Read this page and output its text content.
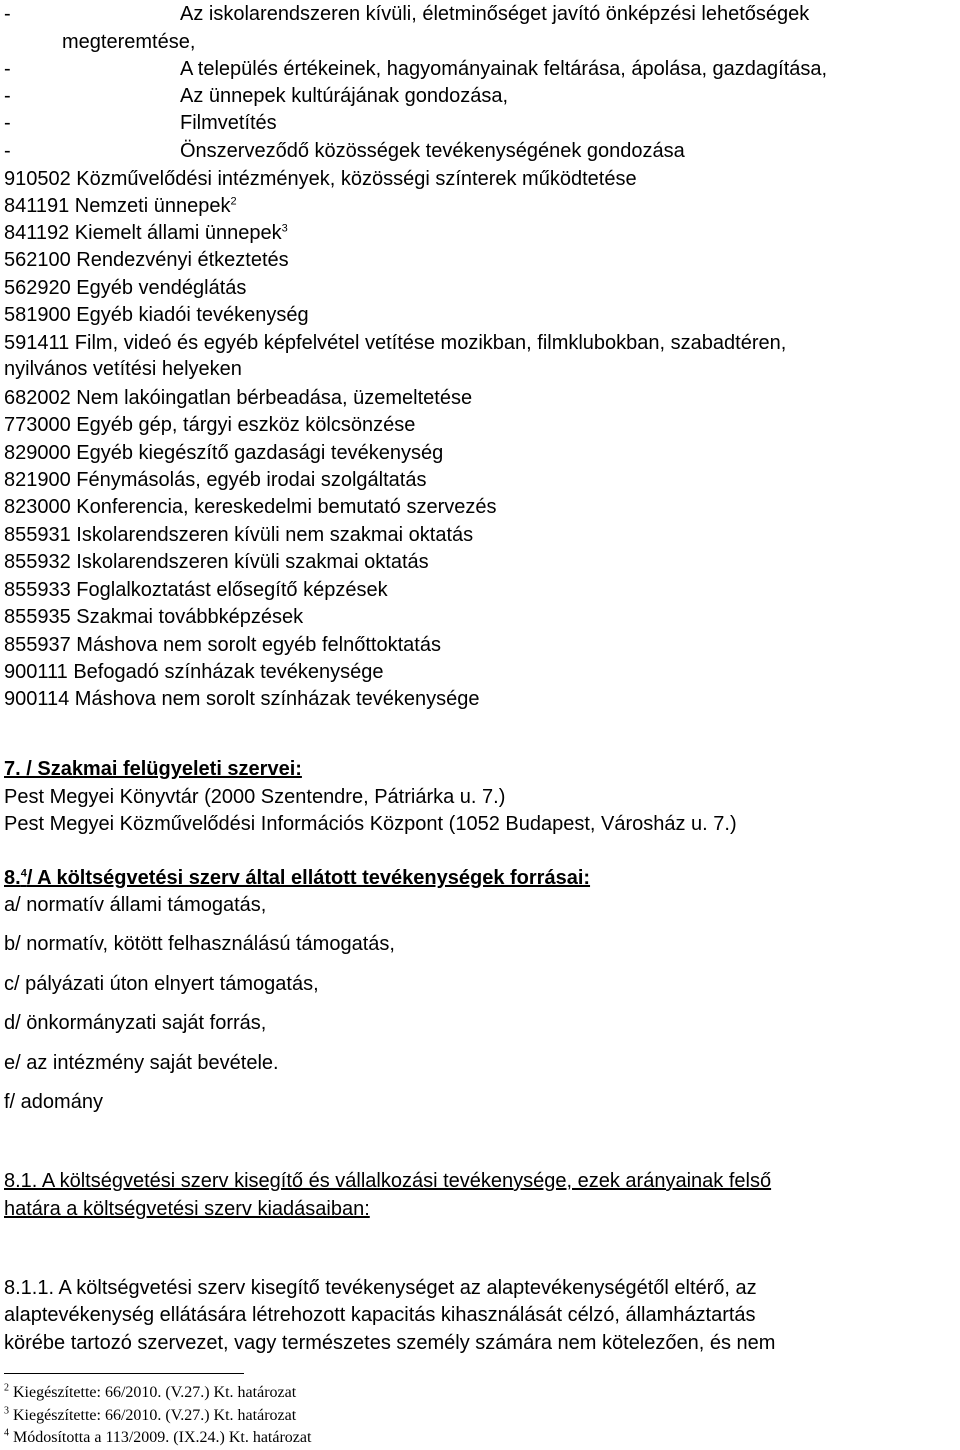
-	Az iskolarendszeren kívüli, életminőséget javító önképzési lehetőségek
megteremtése,
-	A település értékeinek, hagyományainak feltárása, ápolása, gazdagítása,
-	Az ünnepek kultúrájának gondozása,
-	Filmvetítés
-	Önszerveződő közösségek tevékenységének gondozása
910502 Közművelődési intézmények, közösségi színterek működtetése
841191 Nemzeti ünnepek$^2$
841192 Kiemelt állami ünnepek$^3$
562100 Rendezvényi étkeztetés
562920 Egyéb vendéglátás
581900 Egyéb kiadói tevékenység
591411 Film, videó és egyéb képfelvétel vetítése mozikban, filmklubokban, szabadtéren,
nyilvános vetítési helyeken
682002 Nem lakóingatlan bérbeadása, üzemeltetése
773000 Egyéb gép, tárgyi eszköz kölcsönzése
829000 Egyéb kiegészítő gazdasági tevékenység
821900 Fénymásolás, egyéb irodai szolgáltatás
823000 Konferencia, kereskedelmi bemutató szervezés
855931 Iskolarendszeren kívüli nem szakmai oktatás
855932 Iskolarendszeren kívüli szakmai oktatás
855933 Foglalkoztatást elősegítő képzések
855935 Szakmai továbbképzések
855937 Máshova nem sorolt egyéb felnőttoktatás
900111 Befogadó színházak tevékenysége
900114 Máshova nem sorolt színházak tevékenysége
7. / Szakmai felügyeleti szervei:
Pest Megyei Könyvtár (2000 Szentendre, Pátriárka u. 7.)
Pest Megyei Közművelődési Információs Központ (1052 Budapest, Városház u. 7.)
8.$^4$/ A költségvetési szerv által ellátott tevékenységek forrásai:
a/ normatív állami támogatás,
b/ normatív, kötött felhasználású támogatás,
c/ pályázati úton elnyert támogatás,
d/ önkormányzati saját forrás,
e/ az intézmény saját bevétele.
f/ adomány
8.1. A költségvetési szerv kisegítő és vállalkozási tevékenysége, ezek arányainak felső
határa a költségvetési szerv kiadásaiban:
8.1.1. A költségvetési szerv kisegítő tevékenységet az alaptevékenységétől eltérő, az
alaptevékenység ellátására létrehozott kapacitás kihasználását célzó, államháztartás
körébe tartozó szervezet, vagy természetes személy számára nem kötelezően, és nem
$^2$ Kiegészítette: 66/2010. (V.27.) Kt. határozat
$^3$ Kiegészítette: 66/2010. (V.27.) Kt. határozat
$^4$ Módosította a 113/2009. (IX.24.) Kt. határozat
